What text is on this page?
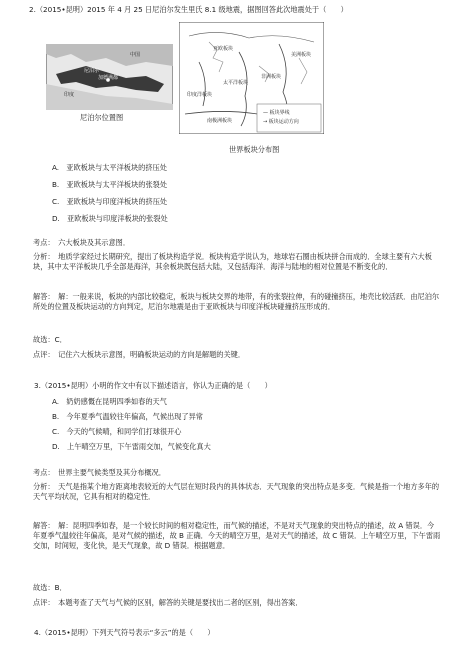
2.（2015•昆明）2015 年 4 月 25 日尼泊尔发生里氏 8.1 级地震，据图回答此次地震处于（　　）
尼泊尔
加德满都
印度
中国
尼泊尔位置图
亚欧板块
太平洋板块
美洲板块
非洲板块
印度洋板块
南极洲板块
— 板块界线
→ 板块运动方向
世界板块分布图
A.　亚欧板块与太平洋板块的挤压处
B.　亚欧板块与太平洋板块的张裂处
C.　亚欧板块与印度洋板块的挤压处
D.　亚欧板块与印度洋板块的张裂处
考点：　六大板块及其示意图．
分析：　地质学家经过长期研究，提出了板块构造学说．板块构造学说认为，地球岩石圈由板块拼合而成的．全球主要有六大板块，其中太平洋板块几乎全部是海洋，其余板块既包括大陆，又包括海洋．海洋与陆地的相对位置是不断变化的．
解答：　解：一般来说，板块的内部比较稳定，板块与板块交界的地带，有的张裂拉伸，有的碰撞挤压，地壳比较活跃．由尼泊尔所处的位置及板块运动的方向判定，尼泊尔地震是由于亚欧板块与印度洋板块碰撞挤压形成的．
故选：C．
点评：　记住六大板块示意图，明确板块运动的方向是解题的关键．
3.（2015•昆明）小明的作文中有以下描述语言，你认为正确的是（　　）
A.　奶奶感慨在昆明四季如春的天气
B.　今年夏季气温较往年偏高，气候出现了异常
C.　今天的气候晴，和同学们打球很开心
D.　上午晴空万里，下午雷雨交加，气候变化真大
考点：　世界主要气候类型及其分布概况．
分析：　天气是指某个地方距离地表较近的大气层在短时段内的具体状态．天气现象的突出特点是多变．气候是指一个地方多年的天气平均状况，它具有相对的稳定性．
解答：　解：昆明四季如春，是一个较长时间的相对稳定性，而气候的描述，不是对天气现象的突出特点的描述，故 A 错误．今年夏季气温较往年偏高，是对气候的描述，故 B 正确．今天的晴空万里，是对天气的描述，故 C 错误．上午晴空万里，下午雷雨交加，时间短，变化快，是天气现象，故 D 错误．根据题意．
故选：B．
点评：　本题考查了天气与气候的区别，解答的关键是要找出二者的区别，得出答案．
4.（2015•昆明）下列天气符号表示“多云”的是（　　）
